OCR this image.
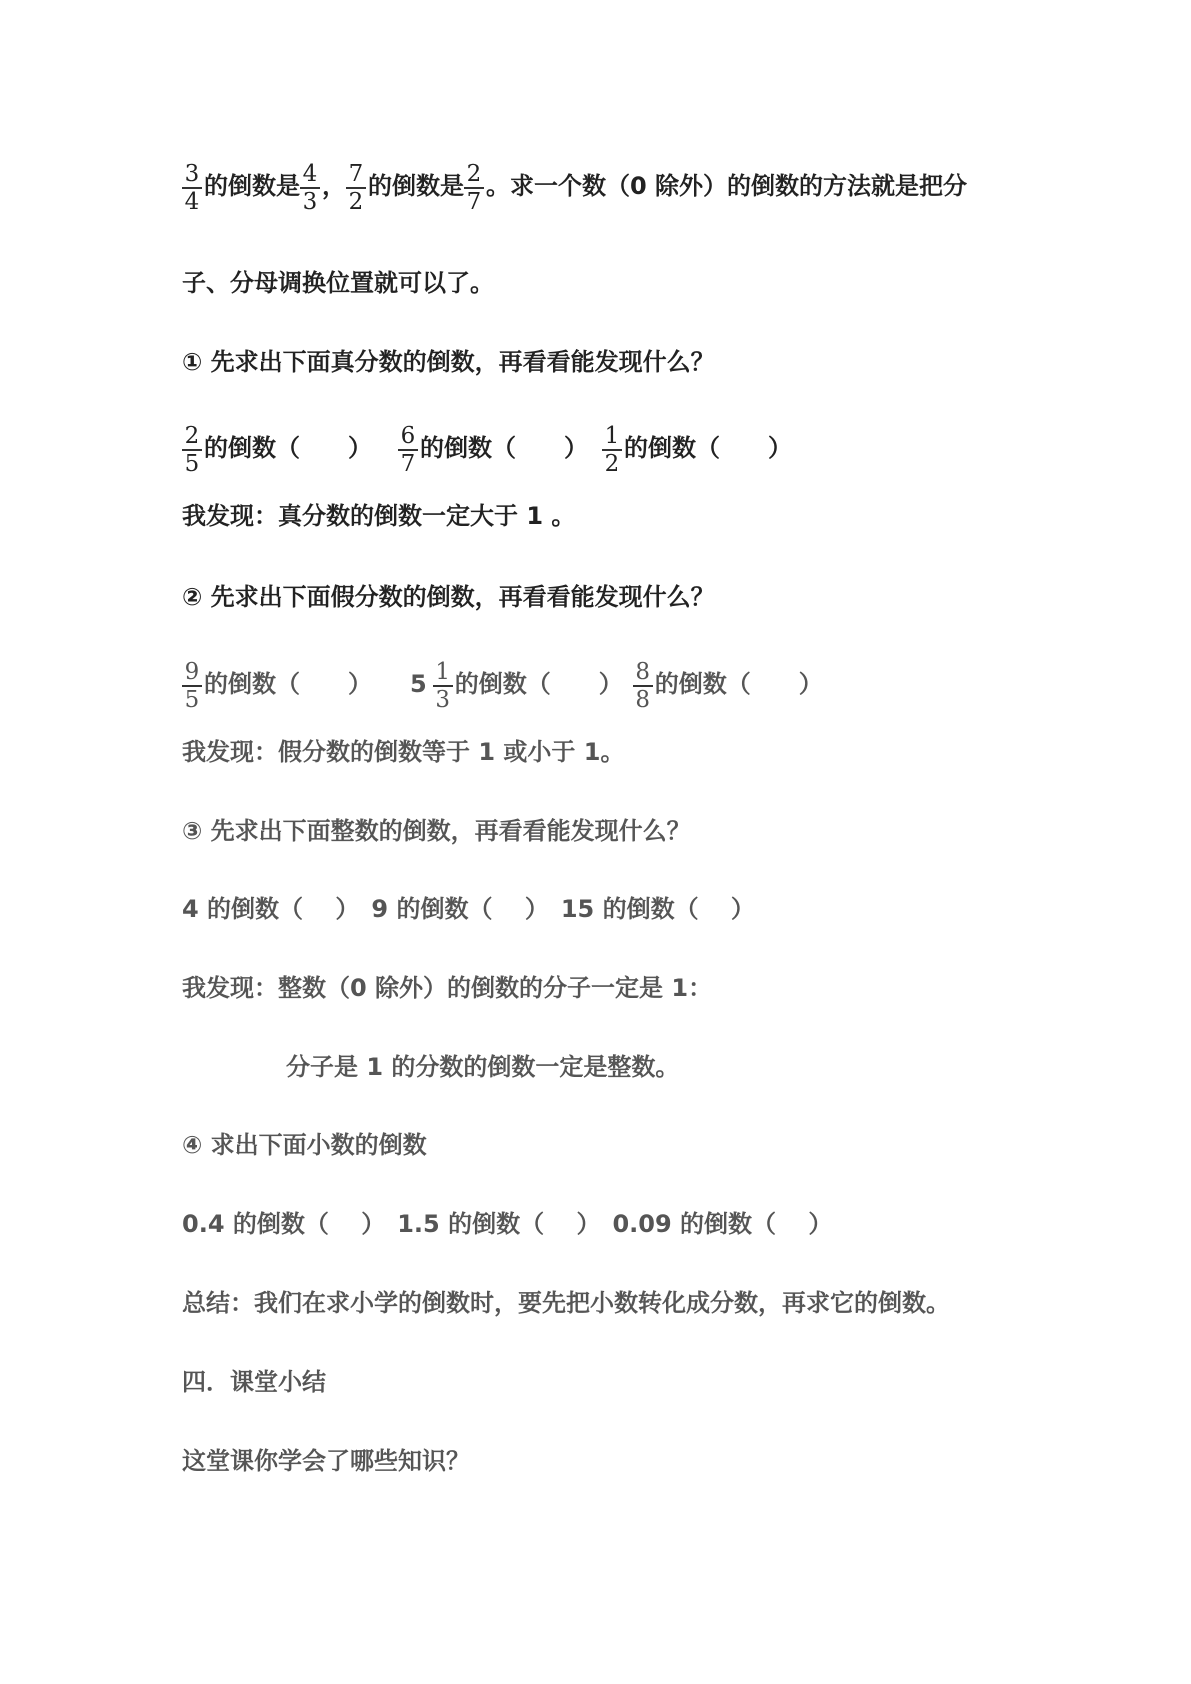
$\frac{3}{4}$ 的倒数是 $\frac{4}{3}$ ， $\frac{7}{2}$ 的倒数是 $\frac{2}{7}$ 。求一个数（0 除外）的倒数的方法就是把分
子、分母调换位置就可以了。
① 先求出下面真分数的倒数，再看看能发现什么？
$\frac{2}{5}$ 的倒数（　　） $\frac{6}{7}$ 的倒数（　　） $\frac{1}{2}$ 的倒数（　　）
我发现：真分数的倒数一定大于 1 。
② 先求出下面假分数的倒数，再看看能发现什么？
$\frac{9}{5}$ 的倒数（　　） $5 \frac{1}{3}$ 的倒数（　　） $\frac{8}{8}$ 的倒数（　　）
我发现：假分数的倒数等于 1 或小于 1。
③ 先求出下面整数的倒数，再看看能发现什么？
4 的倒数（　 ）　9 的倒数（　 ）　15 的倒数（　 ）
我发现：整数（0 除外）的倒数的分子一定是 1：
分子是 1 的分数的倒数一定是整数。
④ 求出下面小数的倒数
0.4 的倒数（　 ）　1.5 的倒数（　 ）　0.09 的倒数（　 ）
总结：我们在求小学的倒数时，要先把小数转化成分数，再求它的倒数。
四．课堂小结
这堂课你学会了哪些知识？
